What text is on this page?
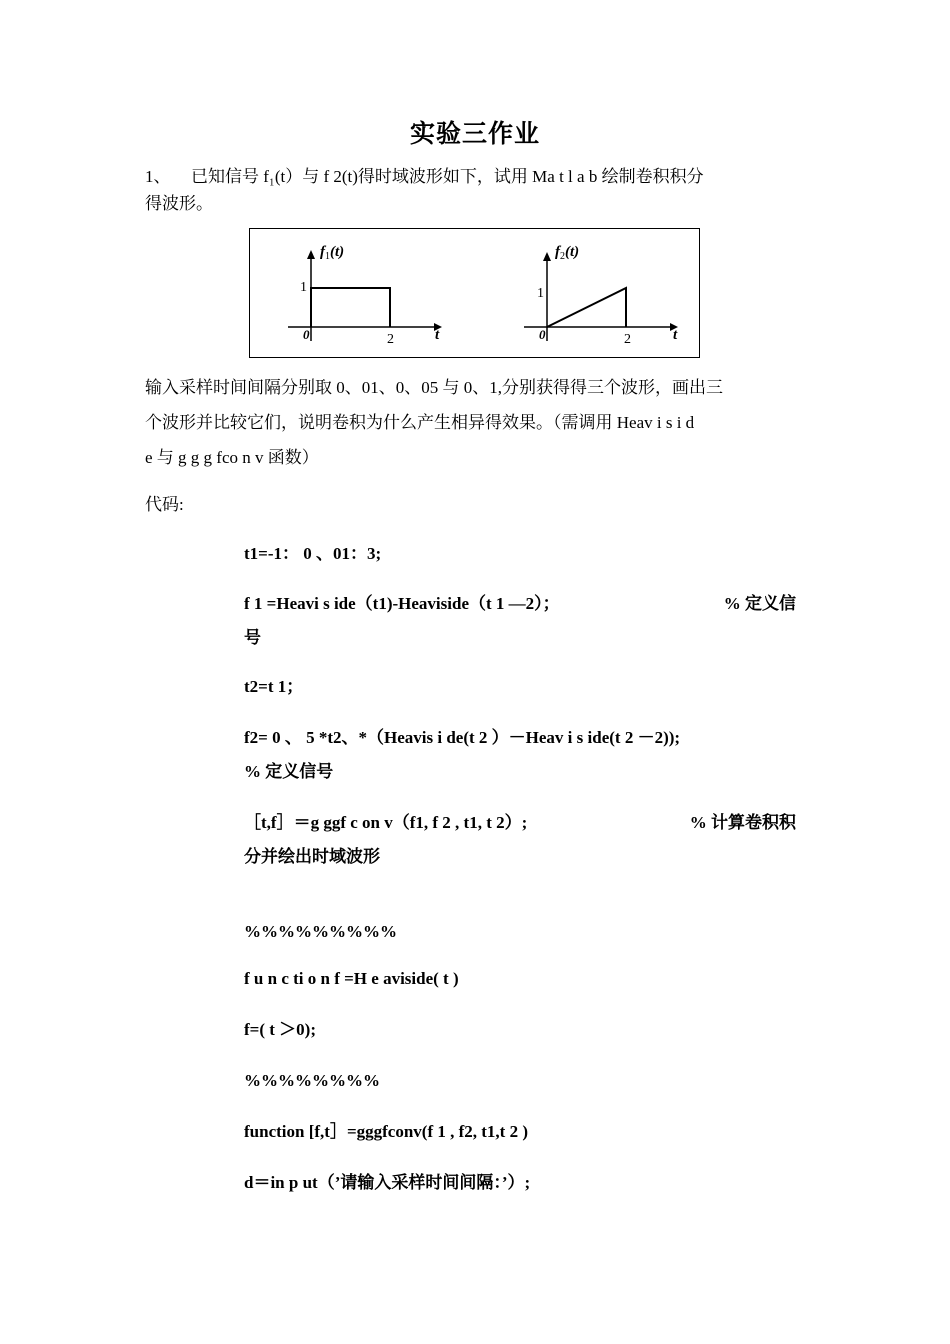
实验三作业
1、 已知信号 f₁(t）与 f 2(t)得时域波形如下，试用 Ma t l a b 绘制卷积积分
得波形。
$f_1(t)$
1
0	2	t
$f_2(t)$
1
0	2	t
输入采样时间间隔分别取 0、01、0、05 与 0、1,分别获得得三个波形，画出三
个波形并比较它们，说明卷积为什么产生相异得效果。（需调用 Heav i s i d
e 与 g g g fco n v 函数）
代码:
t1=-1： 0 、01：3;
% 定义信
f 1 =Heavi s ide（t1)-Heaviside（t 1 —2）；
号
t2=t 1；
f2= 0 、 5 *t2、*（Heavis i de(t 2 ）－Heav i s ide(t 2 －2));
% 定义信号
% 计算卷积积
［t,f］＝g ggf c on v（f1, f 2 , t1, t 2）;
分并绘出时域波形
%%%%%%%%%
f u n c ti o n f =H e aviside( t )
f=( t ＞0);
%%%%%%%%
function [f,t］=gggfconv(f 1 , f2, t1,t 2 )
d＝in p ut（’请输入采样时间间隔：’）;
